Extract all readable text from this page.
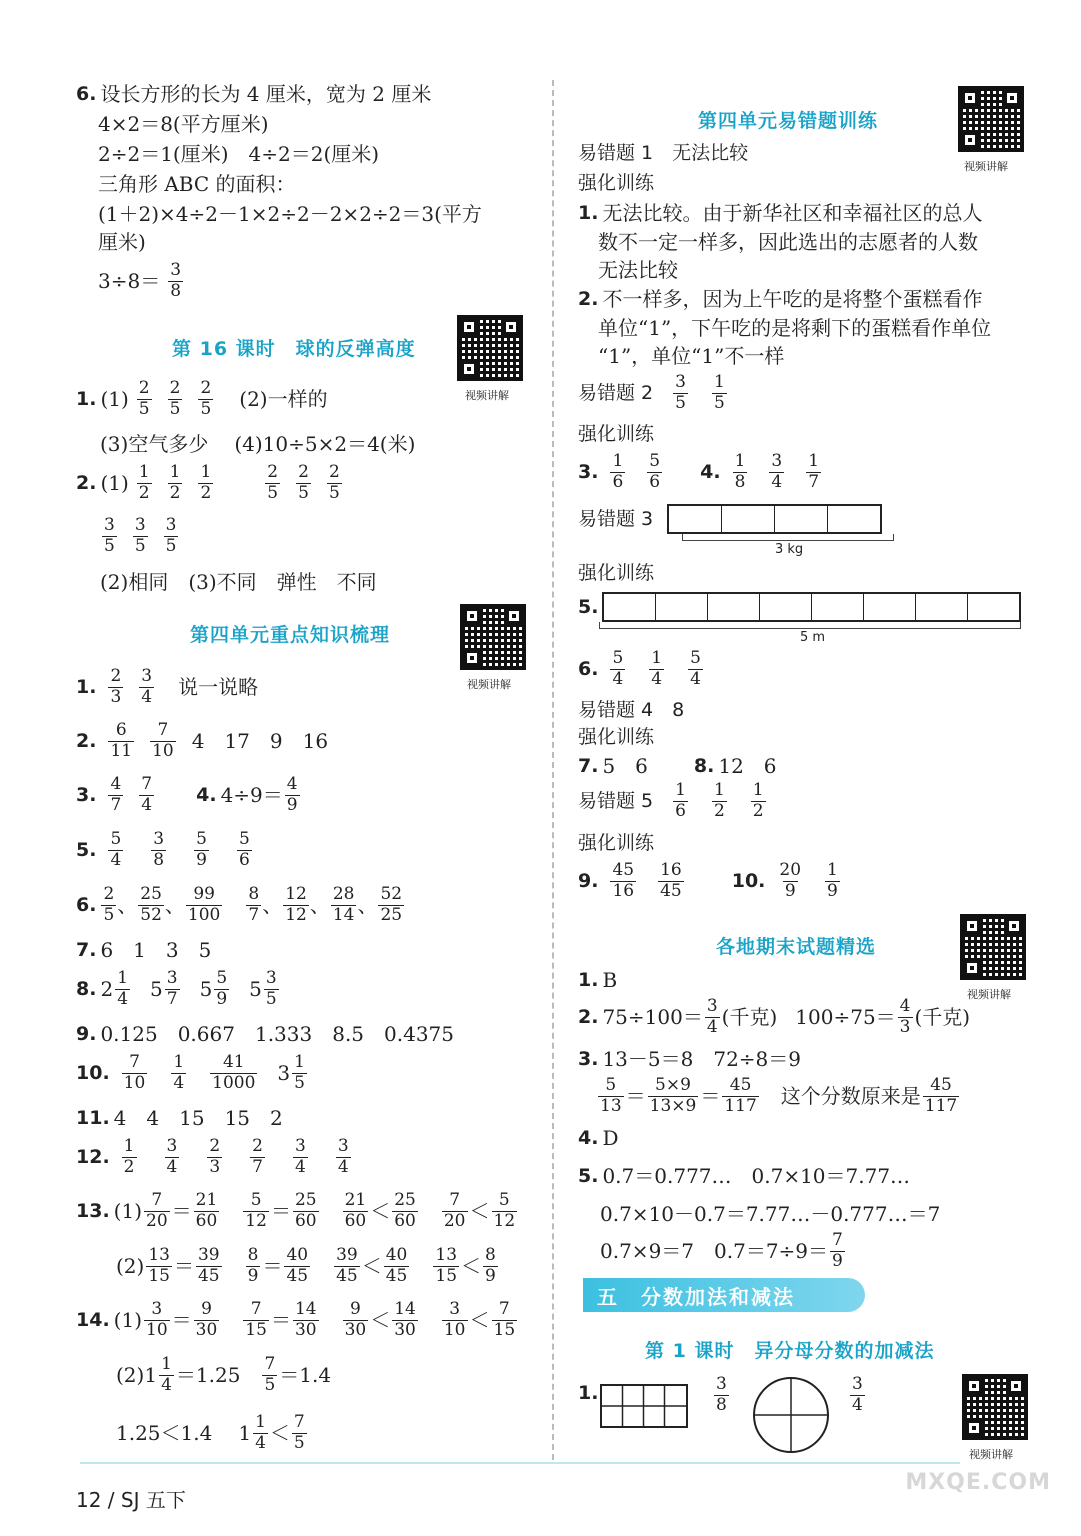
6. 设长方形的长为 4 厘米，宽为 2 厘米
4×2＝8(平方厘米)
2÷2＝1(厘米)　4÷2＝2(厘米)
三角形 ABC 的面积：
(1＋2)×4÷2－1×2÷2－2×2÷2＝3(平方
厘米)
$3\div 8= \frac{3}{8}$
第 16 课时　球的反弹高度
视频讲解
1. $(1) \frac{2}{5} \frac{2}{5} \frac{2}{5} (2)$一样的
(3)空气多少 (4)10÷5×2＝4(米)
2. $(1) \frac{1}{2} \frac{1}{2} \frac{1}{2}$	$\frac{2}{5} \frac{2}{5} \frac{2}{5}$
$\frac{3}{5} \frac{3}{5} \frac{3}{5}$
(2)相同　(3)不同　弹性　不同
第四单元重点知识梳理
视频讲解
1. $\frac{2}{3} \frac{3}{4}$ 说一说略
2. $\frac{6}{11} \frac{7}{10} 4$　17　9　16
3. $\frac{4}{7} \frac{7}{4} 4$. $4\div 9= \frac{4}{9}$
5. $\frac{5}{4} \frac{3}{8} \frac{5}{9} \frac{5}{6}$
6. $\frac{2}{5}$ 、 $\frac{25}{52}$ 、 $\frac{99}{100} \frac{8}{7}$ 、 $\frac{12}{12}$ 、 $\frac{28}{14}$ 、 $\frac{52}{25}$
7. 6　1　3　5
8. $2 \frac{1}{4} 5 \frac{3}{7} 5 \frac{5}{9} 5 \frac{3}{5}$
9. 0.125　0.667　1.333　8.5　0.4375
10. $\frac{7}{10} \frac{1}{4} \frac{41}{1000} 3 \frac{1}{5}$
11. 4　4　15　15　2
12. $\frac{1}{2} \frac{3}{4} \frac{2}{3} \frac{2}{7} \frac{3}{4} \frac{3}{4}$
13. $(1) \frac{7}{20} = \frac{21}{60} \frac{5}{12} = \frac{25}{60} \frac{21}{60} < \frac{25}{60} \frac{7}{20} < \frac{5}{12}$
$(2) \frac{13}{15} = \frac{39}{45} \frac{8}{9} = \frac{40}{45} \frac{39}{45} < \frac{40}{45} \frac{13}{15} < \frac{8}{9}$
14. $(1) \frac{3}{10} = \frac{9}{30} \frac{7}{15} = \frac{14}{30} \frac{9}{30} < \frac{14}{30} \frac{3}{10} < \frac{7}{15}$
(2) $1 \frac{1}{4} =1.25 \frac{7}{5} =1.4$
1.25＜1.4 $1 \frac{1}{4} < \frac{7}{5}$
第四单元易错题训练
视频讲解
易错题 1　无法比较
强化训练
1. 无法比较。由于新华社区和幸福社区的总人
数不一定一样多，因此选出的志愿者的人数
无法比较
2. 不一样多，因为上午吃的是将整个蛋糕看作
单位“1”，下午吃的是将剩下的蛋糕看作单位
“1”，单位“1”不一样
易错题 $2 \frac{3}{5} \frac{1}{5}$
强化训练
3. $\frac{1}{6} \frac{5}{6} 4$. $\frac{1}{8} \frac{3}{4} \frac{1}{7}$
易错题 3
3 kg
强化训练
5.
5 m
6. $\frac{5}{4} \frac{1}{4} \frac{5}{4}$
易错题 4　8
强化训练
7. 5　6 8. 12　6
易错题 $5 \frac{1}{6} \frac{1}{2} \frac{1}{2}$
强化训练
9. $\frac{45}{16} \frac{16}{45}$	10. $\frac{20}{9} \frac{1}{9}$
各地期末试题精选
视频讲解
1. B
2. $75\div 100= \frac{3}{4}$ (千克) $100\div 75= \frac{4}{3}$ (千克)
3. 13－5＝8　72÷8＝9
$\frac{5}{13} = \frac{5\times 9}{13\times 9} = \frac{45}{117}$ 这个分数原来是 $\frac{45}{117}$
4. D
5. 0.7＝0.777…　0.7×10＝7.77…
0.7×10－0.7＝7.77…－0.777…＝7
0.7×9＝7　$0.7=7\div 9= \frac{7}{9}$
五　分数加法和减法
第 1 课时　异分母分数的加减法
1.	$\frac{3}{8}$	$\frac{3}{4}$
视频讲解
12 / SJ 五下
MXQE.COM
